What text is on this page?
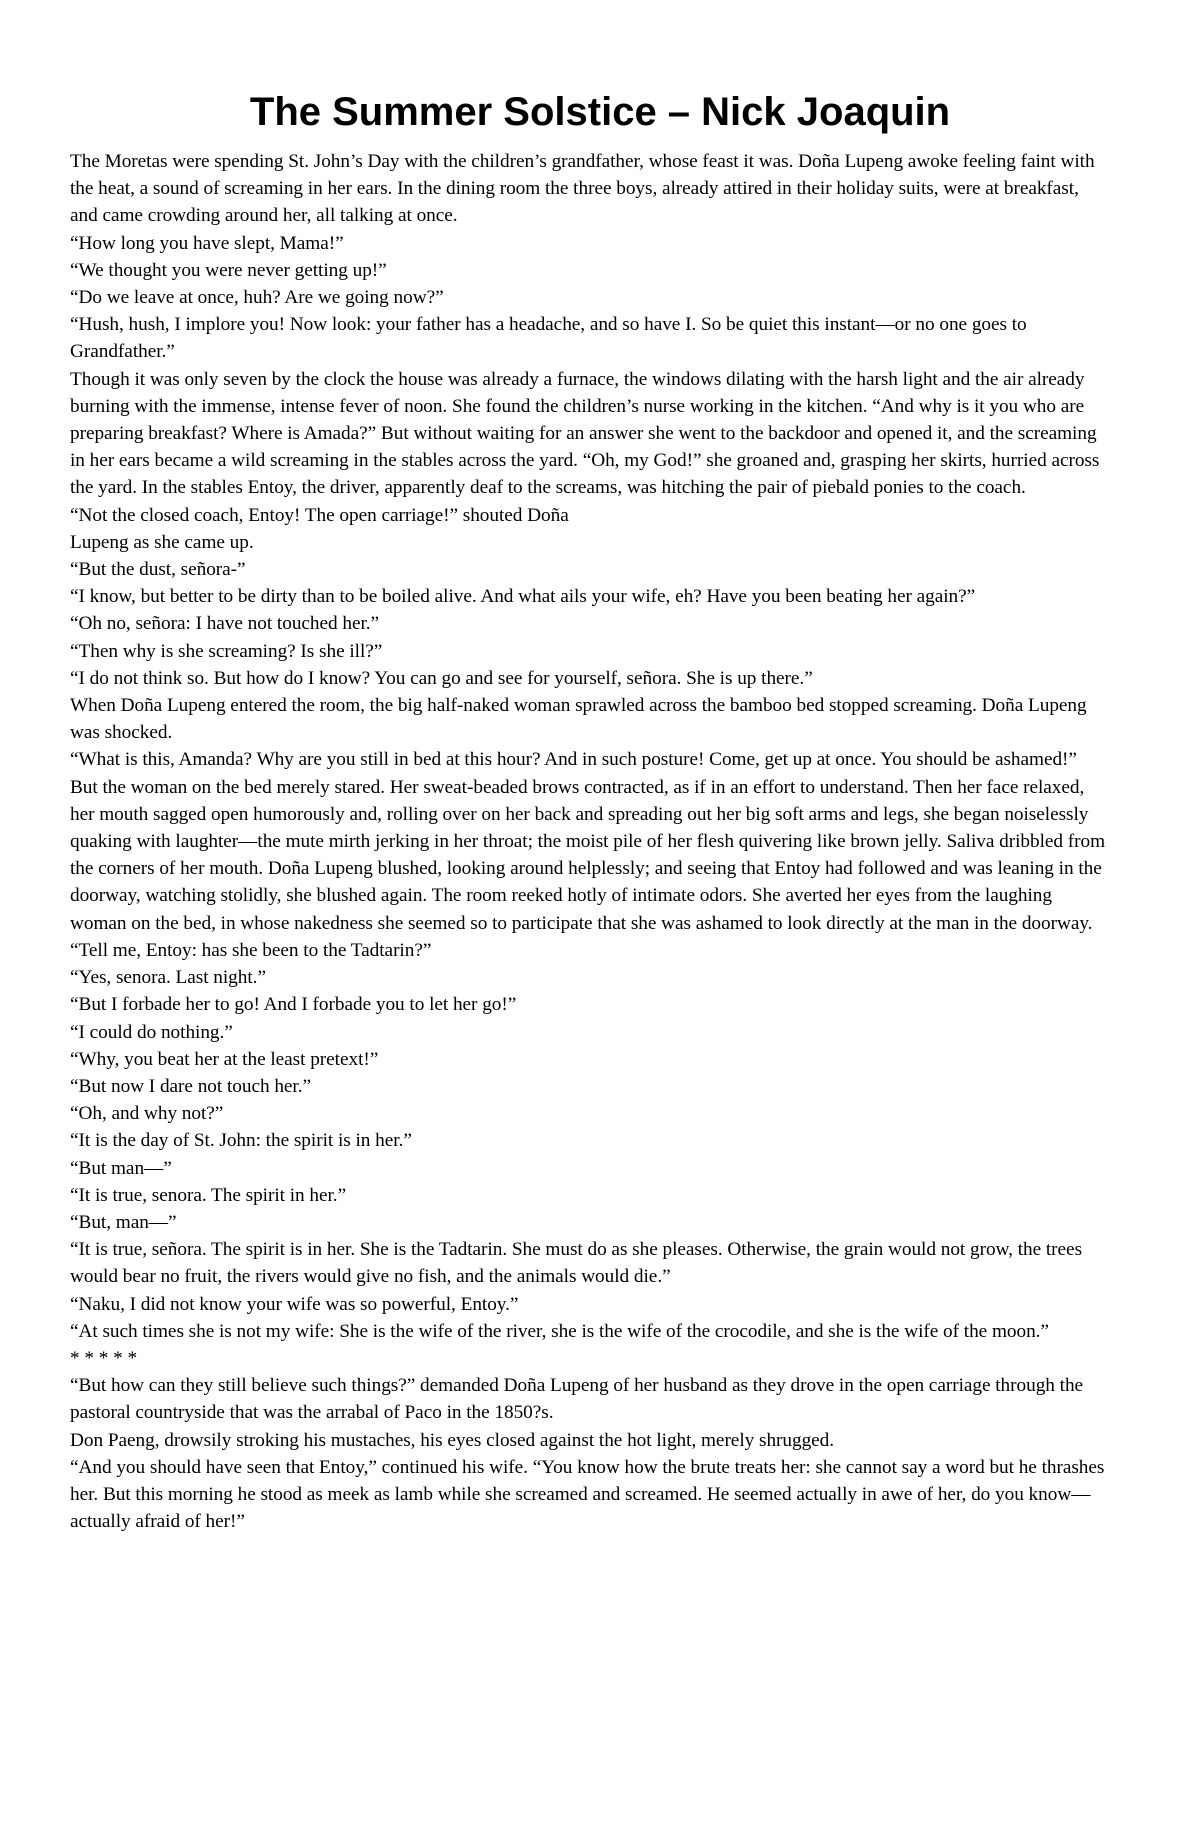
The Summer Solstice – Nick Joaquin

The Moretas were spending St. John’s Day with the children’s grandfather, whose feast it was. Doña Lupeng awoke feeling faint with the heat, a sound of screaming in her ears. In the dining room the three boys, already attired in their holiday suits, were at breakfast, and came crowding around her, all talking at once.

“How long you have slept, Mama!”

“We thought you were never getting up!”

“Do we leave at once, huh? Are we going now?”

“Hush, hush, I implore you! Now look: your father has a headache, and so have I. So be quiet this instant—or no one goes to Grandfather.”

Though it was only seven by the clock the house was already a furnace, the windows dilating with the harsh light and the air already burning with the immense, intense fever of noon. She found the children’s nurse working in the kitchen. “And why is it you who are preparing breakfast? Where is Amada?” But without waiting for an answer she went to the backdoor and opened it, and the screaming in her ears became a wild screaming in the stables across the yard. “Oh, my God!” she groaned and, grasping her skirts, hurried across the yard. In the stables Entoy, the driver, apparently deaf to the screams, was hitching the pair of piebald ponies to the coach.

“Not the closed coach, Entoy! The open carriage!” shouted Doña

Lupeng as she came up.

“But the dust, señora-”

“I know, but better to be dirty than to be boiled alive. And what ails your wife, eh? Have you been beating her again?”

“Oh no, señora: I have not touched her.”

“Then why is she screaming? Is she ill?”

“I do not think so. But how do I know? You can go and see for yourself, señora. She is up there.”

When Doña Lupeng entered the room, the big half-naked woman sprawled across the bamboo bed stopped screaming. Doña Lupeng was shocked.

“What is this, Amanda? Why are you still in bed at this hour? And in such posture! Come, get up at once. You should be ashamed!”

But the woman on the bed merely stared. Her sweat-beaded brows contracted, as if in an effort to understand. Then her face relaxed, her mouth sagged open humorously and, rolling over on her back and spreading out her big soft arms and legs, she began noiselessly quaking with laughter—the mute mirth jerking in her throat; the moist pile of her flesh quivering like brown jelly. Saliva dribbled from the corners of her mouth. Doña Lupeng blushed, looking around helplessly; and seeing that Entoy had followed and was leaning in the doorway, watching stolidly, she blushed again. The room reeked hotly of intimate odors. She averted her eyes from the laughing woman on the bed, in whose nakedness she seemed so to participate that she was ashamed to look directly at the man in the doorway.

“Tell me, Entoy: has she been to the Tadtarin?”

“Yes, senora. Last night.”

“But I forbade her to go! And I forbade you to let her go!”

“I could do nothing.”

“Why, you beat her at the least pretext!”

“But now I dare not touch her.”

“Oh, and why not?”

“It is the day of St. John: the spirit is in her.”

“But man—”

“It is true, senora. The spirit in her.”

“But, man—”

“It is true, señora. The spirit is in her. She is the Tadtarin. She must do as she pleases. Otherwise, the grain would not grow, the trees would bear no fruit, the rivers would give no fish, and the animals would die.”

“Naku, I did not know your wife was so powerful, Entoy.”

“At such times she is not my wife: She is the wife of the river, she is the wife of the crocodile, and she is the wife of the moon.”

* * * * *

“But how can they still believe such things?” demanded Doña Lupeng of her husband as they drove in the open carriage through the pastoral countryside that was the arrabal of Paco in the 1850?s.

Don Paeng, drowsily stroking his mustaches, his eyes closed against the hot light, merely shrugged.

“And you should have seen that Entoy,” continued his wife. “You know how the brute treats her: she cannot say a word but he thrashes her. But this morning he stood as meek as lamb while she screamed and screamed. He seemed actually in awe of her, do you know—actually afraid of her!”
